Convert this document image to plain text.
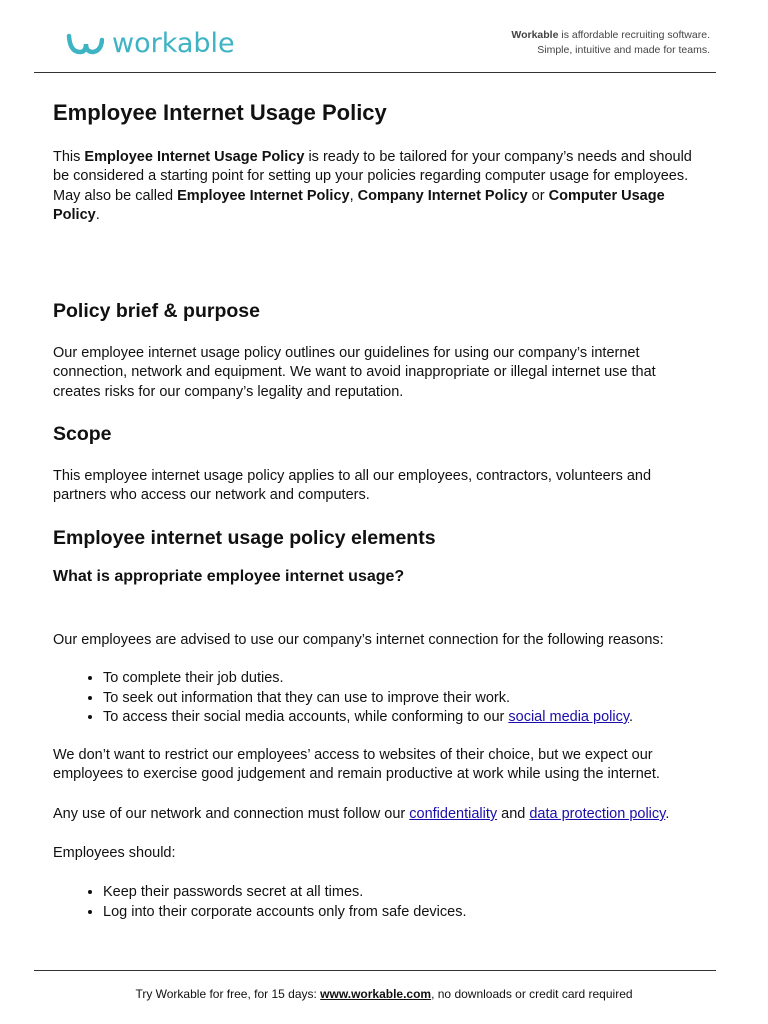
workable	Workable is affordable recruiting software.
Simple, intuitive and made for teams.
Employee Internet Usage Policy

This Employee Internet Usage Policy is ready to be tailored for your company’s needs and should be considered a starting point for setting up your policies regarding computer usage for employees. May also be called Employee Internet Policy, Company Internet Policy or Computer Usage Policy.

Policy brief & purpose

Our employee internet usage policy outlines our guidelines for using our company’s internet connection, network and equipment. We want to avoid inappropriate or illegal internet use that creates risks for our company’s legality and reputation.

Scope

This employee internet usage policy applies to all our employees, contractors, volunteers and partners who access our network and computers.

Employee internet usage policy elements
What is appropriate employee internet usage?

Our employees are advised to use our company’s internet connection for the following reasons:

• To complete their job duties.
• To seek out information that they can use to improve their work.
• To access their social media accounts, while conforming to our social media policy.

We don’t want to restrict our employees’ access to websites of their choice, but we expect our employees to exercise good judgement and remain productive at work while using the internet.

Any use of our network and connection must follow our confidentiality and data protection policy.

Employees should:

• Keep their passwords secret at all times.
• Log into their corporate accounts only from safe devices.
Try Workable for free, for 15 days: www.workable.com, no downloads or credit card required
